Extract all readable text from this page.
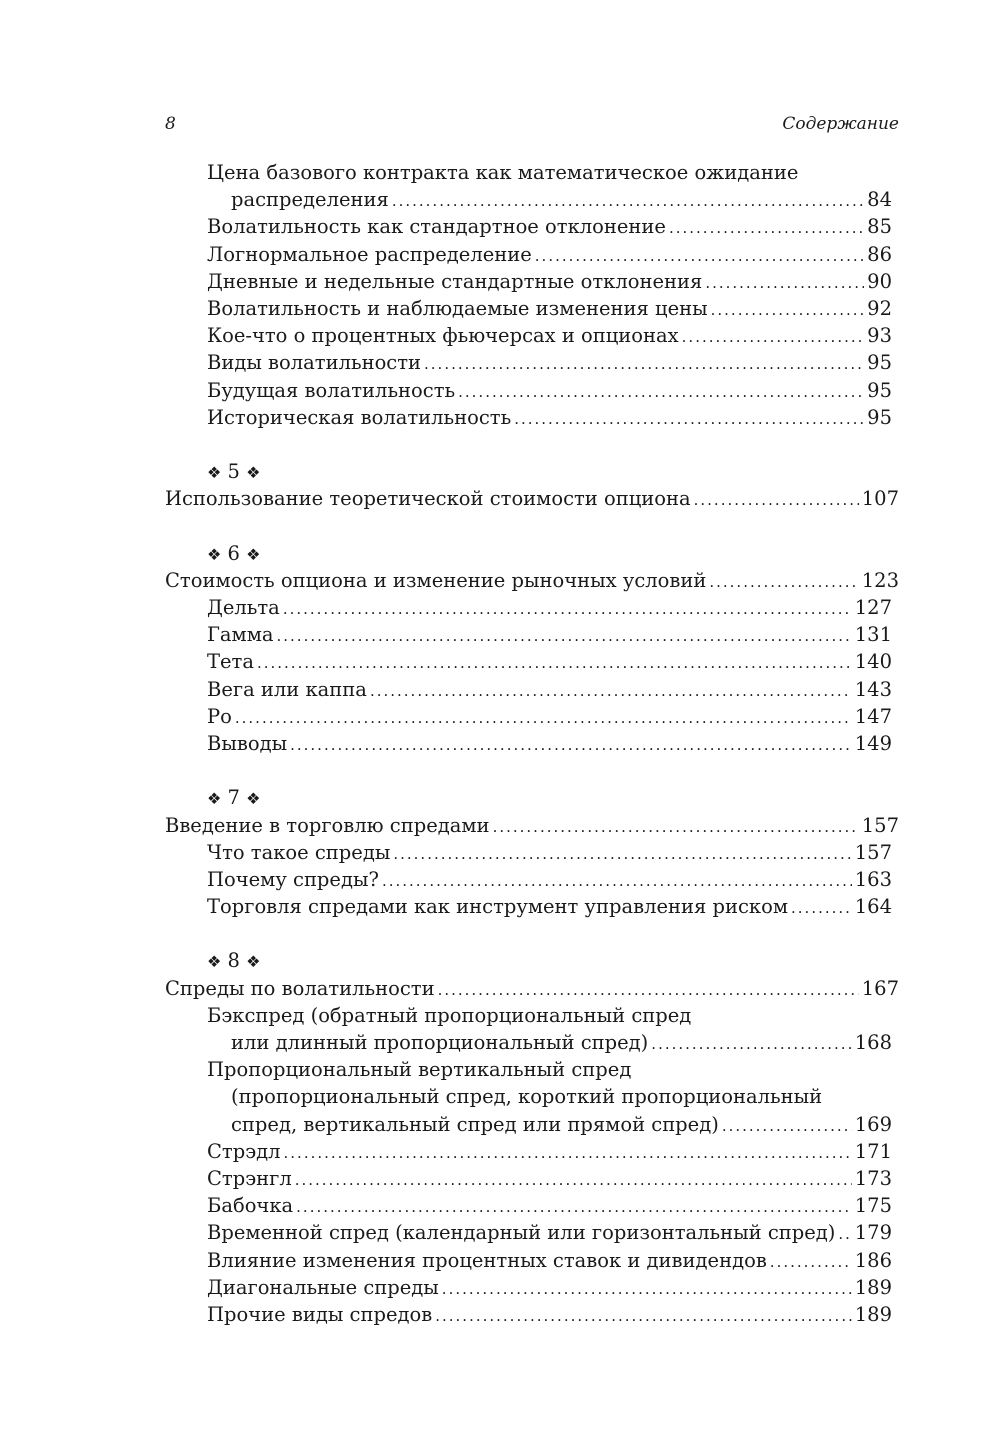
8	Содержание
Цена базового контракта как математическое ожидание
распределения .....	84
Волатильность как стандартное отклонение .....	85
Логнормальное распределение .....	86
Дневные и недельные стандартные отклонения .....	90
Волатильность и наблюдаемые изменения цены .....	92
Кое-что о процентных фьючерсах и опционах .....	93
Виды волатильности .....	95
Будущая волатильность .....	95
Историческая волатильность .....	95
❖ 5 ❖
Использование теоретической стоимости опциона .....	107
❖ 6 ❖
Стоимость опциона и изменение рыночных условий .....	123
Дельта .....	127
Гамма .....	131
Тета .....	140
Вега или каппа .....	143
Ро .....	147
Выводы .....	149
❖ 7 ❖
Введение в торговлю спредами .....	157
Что такое спреды .....	157
Почему спреды? .....	163
Торговля спредами как инструмент управления риском .....	164
❖ 8 ❖
Спреды по волатильности .....	167
Бэкспред (обратный пропорциональный спред
или длинный пропорциональный спред) .....	168
Пропорциональный вертикальный спред
(пропорциональный спред, короткий пропорциональный
спред, вертикальный спред или прямой спред) .....	169
Стрэдл .....	171
Стрэнгл .....	173
Бабочка .....	175
Временной спред (календарный или горизонтальный спред) ..... 179
Влияние изменения процентных ставок и дивидендов .....	186
Диагональные спреды .....	189
Прочие виды спредов .....	189
